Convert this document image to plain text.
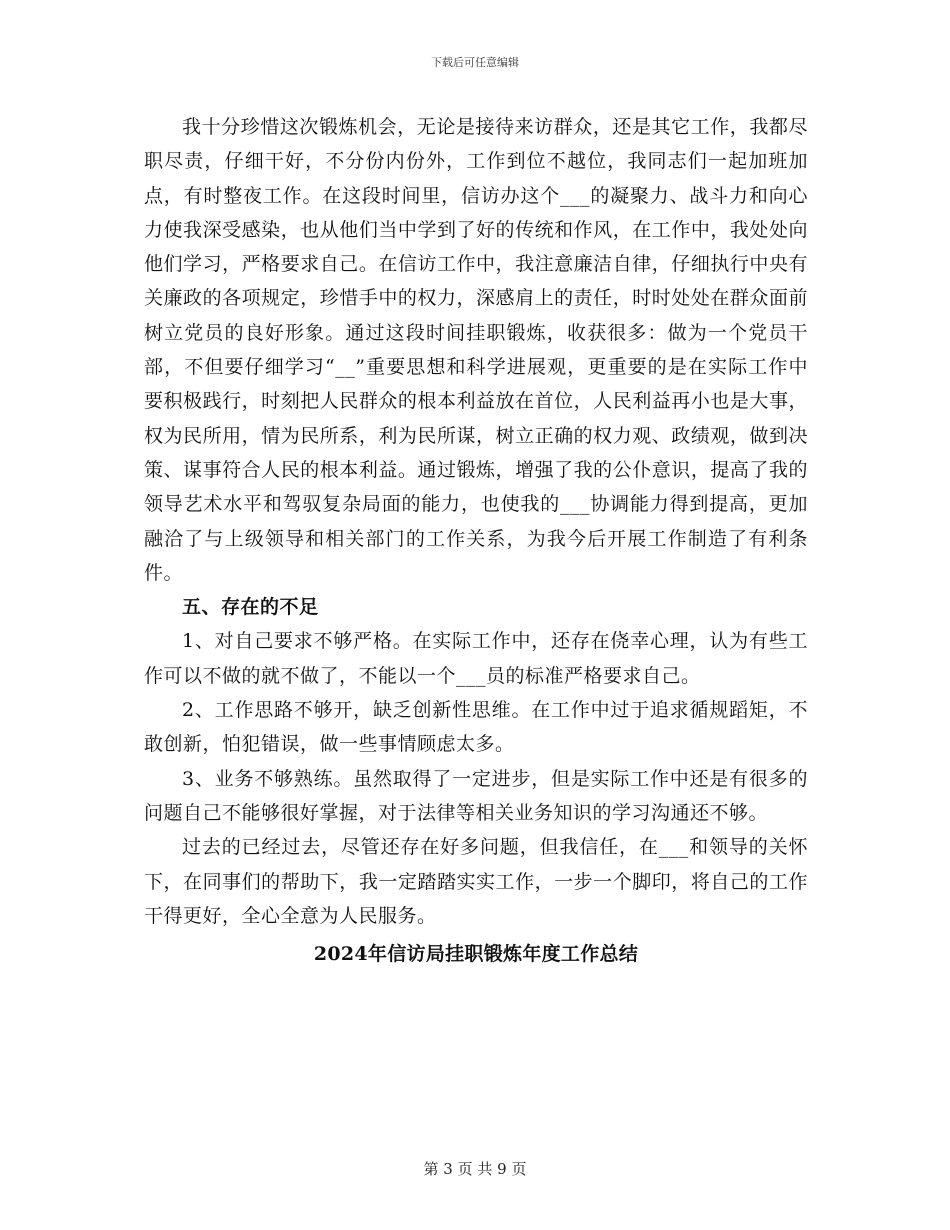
下载后可任意编辑

我十分珍惜这次锻炼机会，无论是接待来访群众，还是其它工作，我都尽职尽责，仔细干好，不分份内份外，工作到位不越位，我同志们一起加班加点，有时整夜工作。在这段时间里，信访办这个___的凝聚力、战斗力和向心力使我深受感染，也从他们当中学到了好的传统和作风，在工作中，我处处向他们学习，严格要求自己。在信访工作中，我注意廉洁自律，仔细执行中央有关廉政的各项规定，珍惜手中的权力，深感肩上的责任，时时处处在群众面前树立党员的良好形象。通过这段时间挂职锻炼，收获很多：做为一个党员干部，不但要仔细学习“__”重要思想和科学进展观，更重要的是在实际工作中要积极践行，时刻把人民群众的根本利益放在首位，人民利益再小也是大事，权为民所用，情为民所系，利为民所谋，树立正确的权力观、政绩观，做到决策、谋事符合人民的根本利益。通过锻炼，增强了我的公仆意识，提高了我的领导艺术水平和驾驭复杂局面的能力，也使我的___协调能力得到提高，更加融洽了与上级领导和相关部门的工作关系，为我今后开展工作制造了有利条件。

五、存在的不足

1、对自己要求不够严格。在实际工作中，还存在侥幸心理，认为有些工作可以不做的就不做了，不能以一个___员的标准严格要求自己。

2、工作思路不够开，缺乏创新性思维。在工作中过于追求循规蹈矩，不敢创新，怕犯错误，做一些事情顾虑太多。

3、业务不够熟练。虽然取得了一定进步，但是实际工作中还是有很多的问题自己不能够很好掌握，对于法律等相关业务知识的学习沟通还不够。

过去的已经过去，尽管还存在好多问题，但我信任，在___和领导的关怀下，在同事们的帮助下，我一定踏踏实实工作，一步一个脚印，将自己的工作干得更好，全心全意为人民服务。

2024年信访局挂职锻炼年度工作总结

第 3 页 共 9 页
